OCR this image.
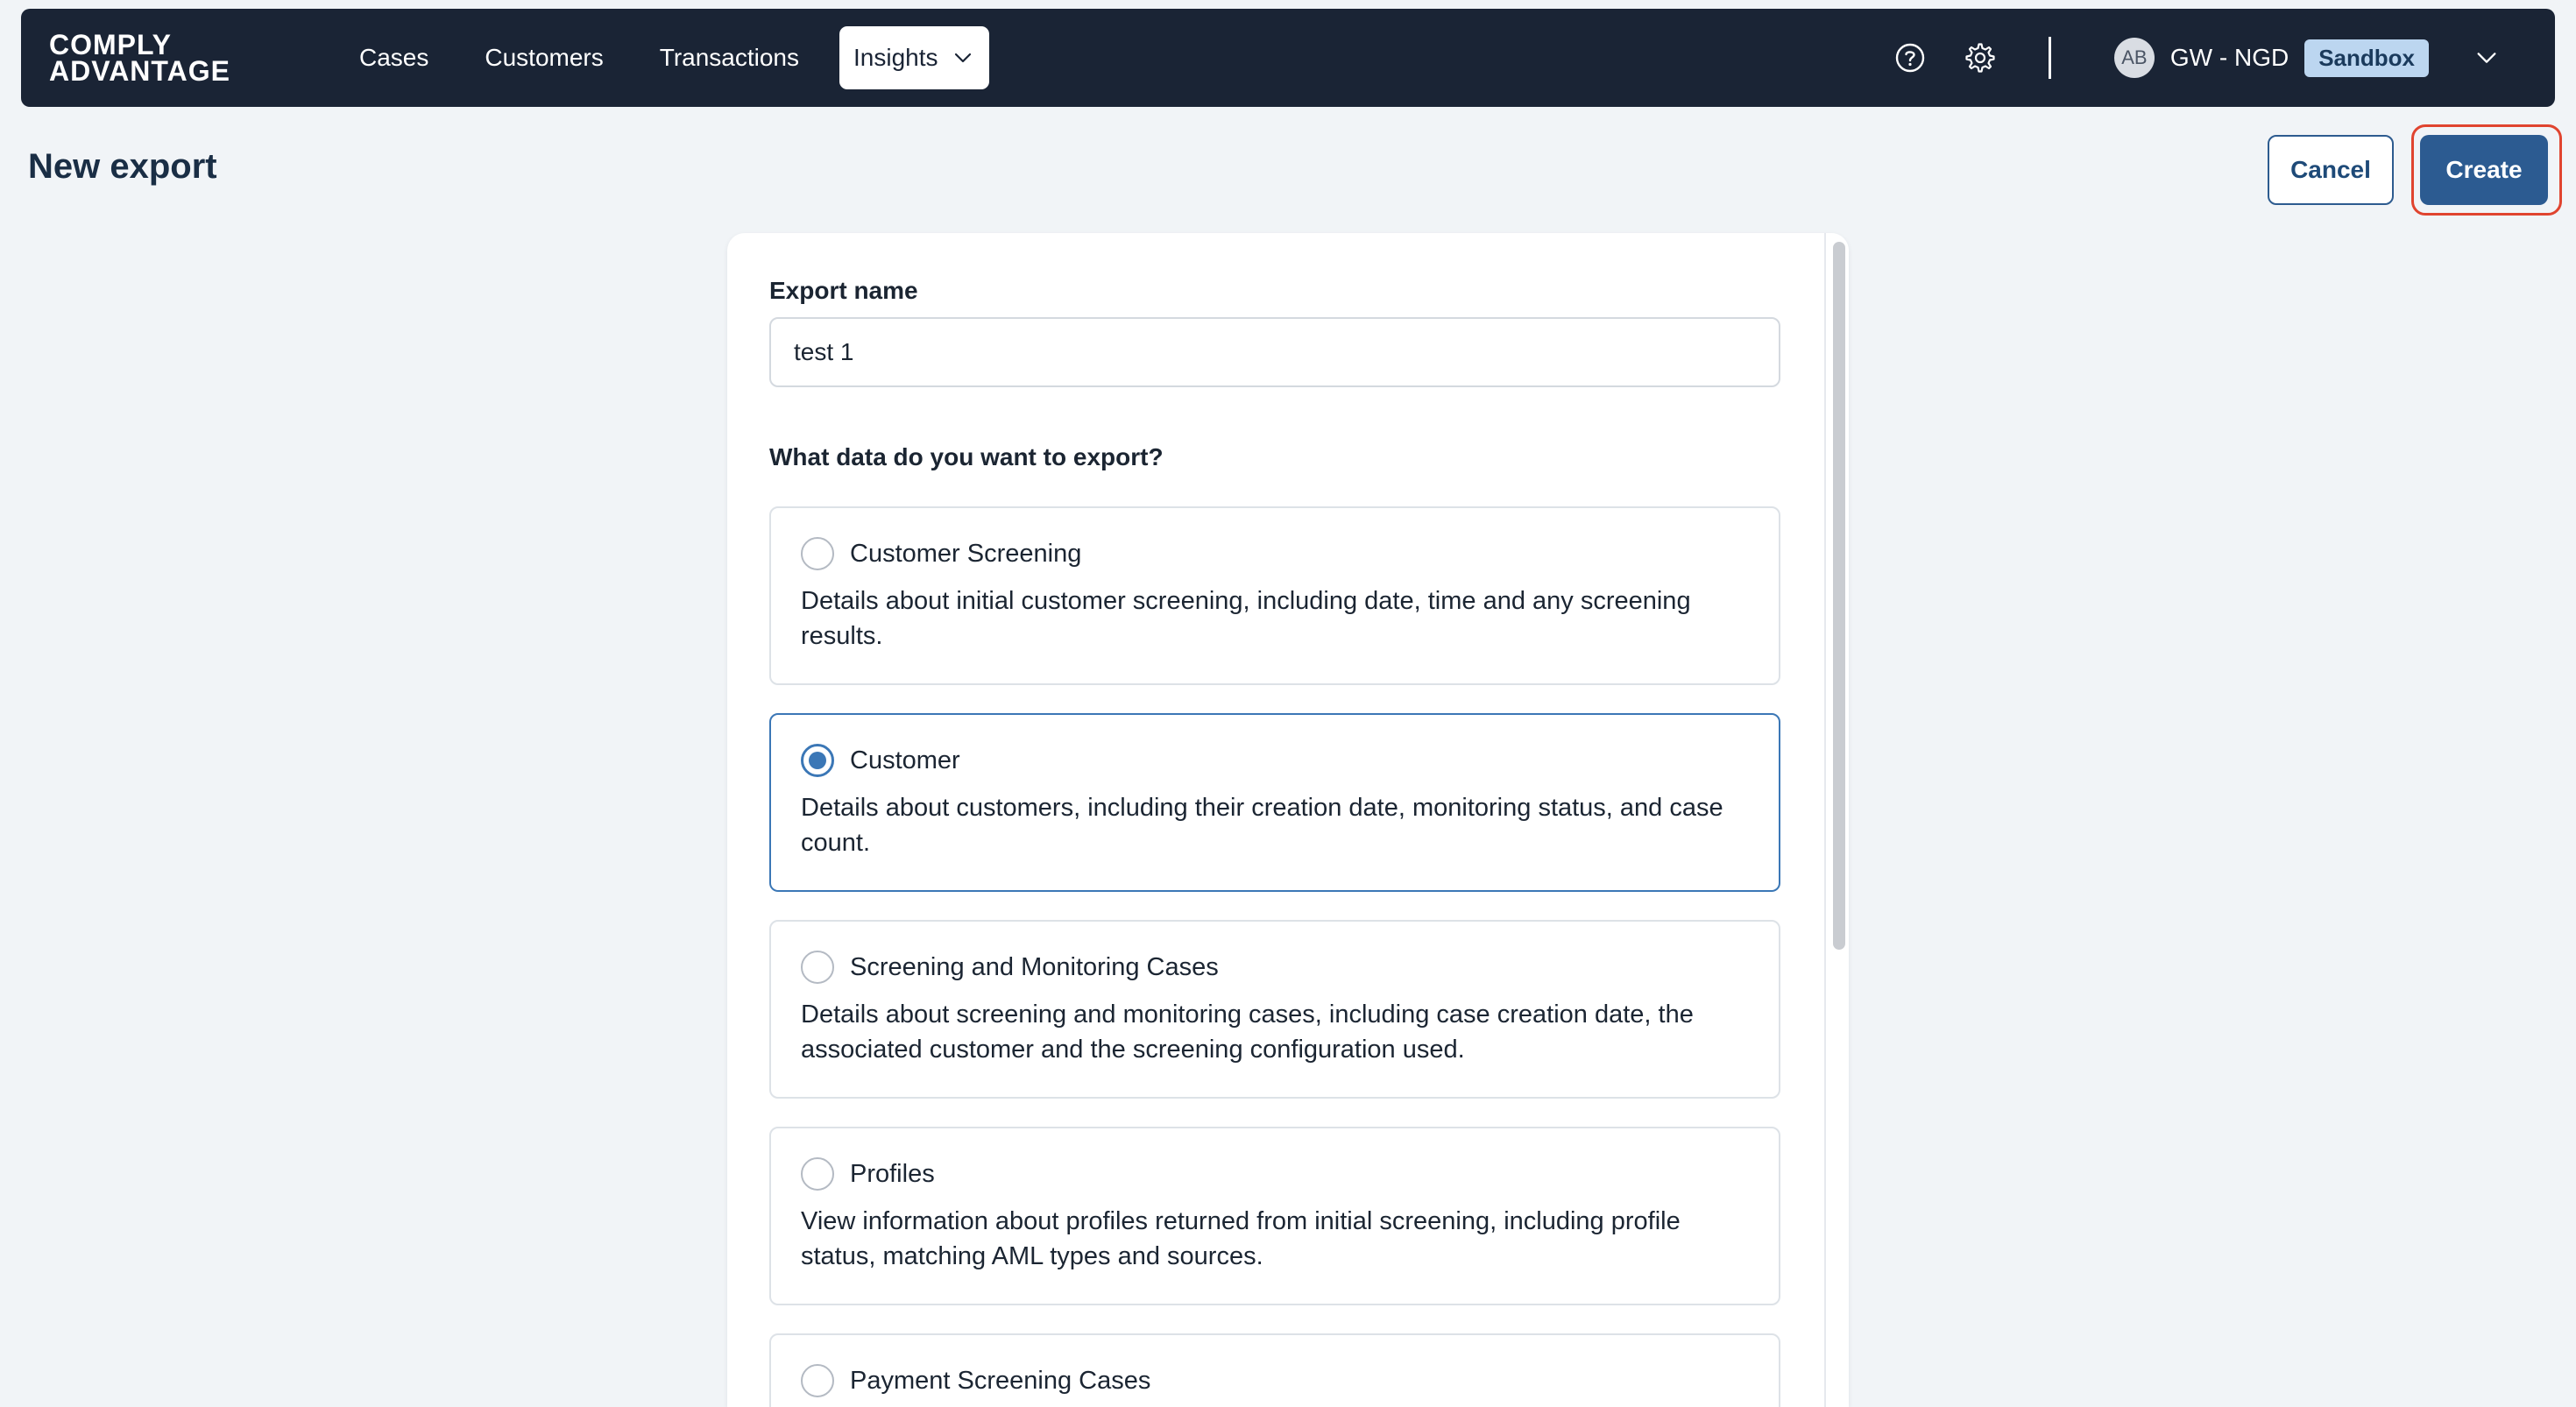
COMPLY
ADVANTAGE	Cases	Customers	Transactions	Insights	AB GW - NGD	Sandbox
New export	Cancel	Create
Export name
test 1
What data do you want to export?
Customer Screening
Details about initial customer screening, including date, time and any screening results.
Customer
Details about customers, including their creation date, monitoring status, and case count.
Screening and Monitoring Cases
Details about screening and monitoring cases, including case creation date, the associated customer and the screening configuration used.
Profiles
View information about profiles returned from initial screening, including profile status, matching AML types and sources.
Payment Screening Cases
